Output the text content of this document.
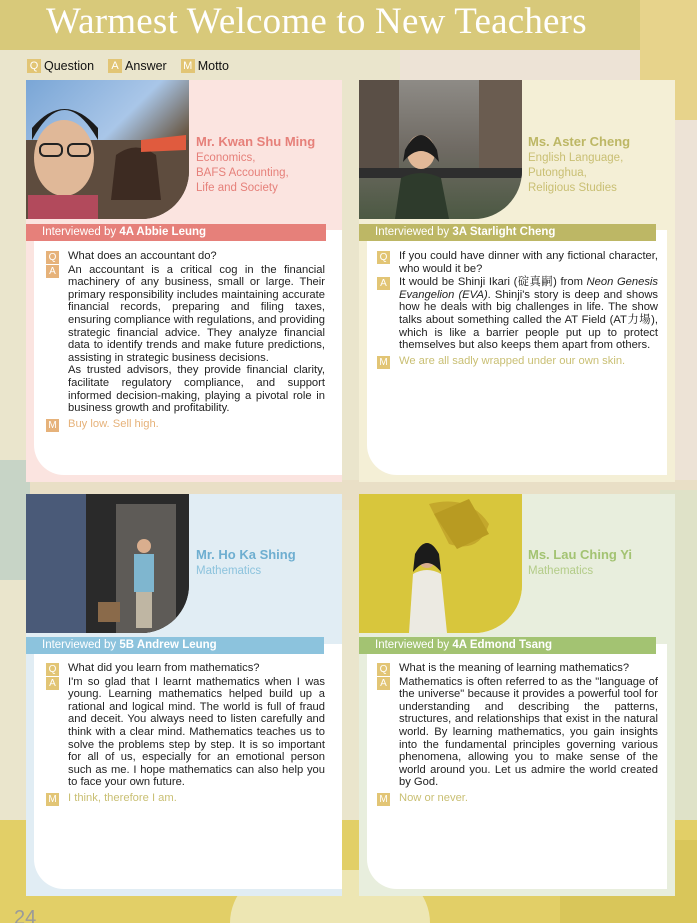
Warmest Welcome to New Teachers
Q Question	A Answer M Motto
Mr. Kwan Shu Ming
Economics,
BAFS Accounting,
Life and Society
Interviewed by 4A Abbie Leung
Q What does an accountant do?
A An accountant is a critical cog in the financial machinery of any business, small or large. Their primary responsibility includes maintaining accurate financial records, preparing and filing taxes, ensuring compliance with regulations, and providing strategic financial advice. They analyze financial data to identify trends and make future predictions, assisting in strategic business decisions.
As trusted advisors, they provide financial clarity, facilitate regulatory compliance, and support informed decision-making, playing a pivotal role in business growth and profitability.
M Buy low. Sell high.
Ms. Aster Cheng
English Language,
Putonghua,
Religious Studies
Interviewed by 3A Starlight Cheng
Q If you could have dinner with any fictional character, who would it be?
A It would be Shinji Ikari (碇真嗣) from Neon Genesis Evangelion (EVA). Shinji's story is deep and shows how he deals with big challenges in life. The show talks about something called the AT Field (AT力場), which is like a barrier people put up to protect themselves but also keeps them apart from others.
M We are all sadly wrapped under our own skin.
Mr. Ho Ka Shing
Mathematics
Interviewed by 5B Andrew Leung
Q What did you learn from mathematics?
A I'm so glad that I learnt mathematics when I was young. Learning mathematics helped build up a rational and logical mind. The world is full of fraud and deceit. You always need to listen carefully and think with a clear mind. Mathematics teaches us to solve the problems step by step. It is so important for all of us, especially for an emotional person such as me. I hope mathematics can also help you to face your own future.
M I think, therefore I am.
Ms. Lau Ching Yi
Mathematics
Interviewed by 4A Edmond Tsang
Q What is the meaning of learning mathematics?
A Mathematics is often referred to as the "language of the universe" because it provides a powerful tool for understanding and describing the patterns, structures, and relationships that exist in the natural world. By learning mathematics, you gain insights into the fundamental principles governing various phenomena, allowing you to make sense of the world around you. Let us admire the world created by God.
M Now or never.
24
